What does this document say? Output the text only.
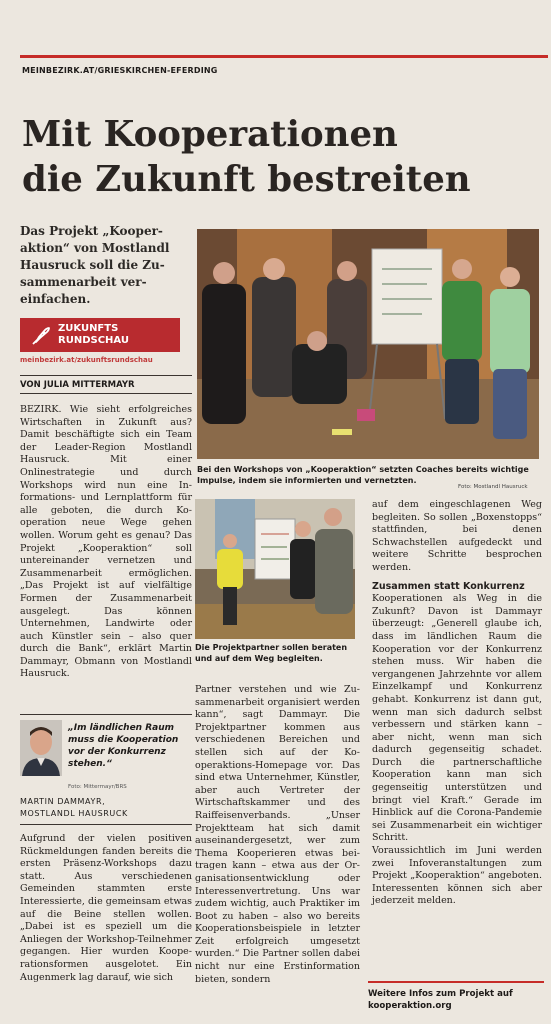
MEINBEZIRK.AT/GRIESKIRCHEN-EFERDING
Mit Kooperationen
die Zukunft bestreiten
Das Projekt „Kooperaktion“ von Mostlandl Hausruck soll die Zusammenarbeit vereinfachen.
ZUKUNFTS
RUNDSCHAU
meinbezirk.at/zukunftsrundschau
VON JULIA MITTERMAYR

BEZIRK. Wie sieht erfolgreiches Wirtschaften in Zukunft aus? Damit beschäftigte sich ein Team der Leader-Region Mostlandl Hausruck. Mit einer Onlinestrategie und durch Workshops wird nun eine Informations- und Lernplattform für alle geboten, die durch Kooperation neue Wege gehen wollen. Worum geht es genau? Das Projekt „Kooperaktion“ soll untereinander vernetzen und Zusammenarbeit ermöglichen. „Das Projekt ist auf vielfältige Formen der Zusammenarbeit ausgelegt. Das können Unternehmen, Landwirte oder auch Künstler sein – also quer durch die Bank“, erklärt Martin Dammayr, Obmann von Mostlandl Hausruck.

„Im ländlichen Raum muss die Kooperation vor der Konkurrenz stehen.“
Foto: Mittermayr/BRS
MARTIN DAMMAYR,
MOSTLANDL HAUSRUCK

Aufgrund der vielen positiven Rückmeldungen fanden bereits die ersten Präsenz-Workshops dazu statt. Aus verschiedenen Gemeinden stammten erste Interessierte, die gemeinsam etwas auf die Beine stellen wollen. „Dabei ist es speziell um die Anliegen der Workshop-Teilnehmer gegangen. Hier wurden Kooperationsformen ausgelotet. Ein Augenmerk lag darauf, wie sich

Bei den Workshops von „Kooperaktion“ setzten Coaches bereits wichtige Impulse, indem sie informierten und vernetzten.
Foto: Mostlandl Hausruck
Die Projektpartner sollen beraten und auf dem Weg begleiten.

Partner verstehen und wie Zusammenarbeit organisiert werden kann“, sagt Dammayr. Die Projektpartner kommen aus verschiedenen Bereichen und stellen sich auf der Kooperaktions-Homepage vor. Das sind etwa Unternehmer, Künstler, aber auch Vertreter der Wirtschaftskammer und des Raiffeisenverbands. „Unser Projektteam hat sich damit auseinandergesetzt, wer zum Thema Kooperieren etwas beitragen kann – etwa aus der Organisationsentwicklung oder Interessenvertretung. Uns war zudem wichtig, auch Praktiker im Boot zu haben – also wo bereits Kooperationsbeispiele in letzter Zeit erfolgreich umgesetzt wurden.“ Die Partner sollen dabei nicht nur eine Erstinformation bieten, sondern

auf dem eingeschlagenen Weg begleiten. So sollen „Boxenstopps“ stattfinden, bei denen Schwachstellen aufgedeckt und weitere Schritte besprochen werden.

Zusammen statt Konkurrenz

Kooperationen als Weg in die Zukunft? Davon ist Dammayr überzeugt: „Generell glaube ich, dass im ländlichen Raum die Kooperation vor der Konkurrenz stehen muss. Wir haben die vergangenen Jahrzehnte vor allem Einzelkampf und Konkurrenz gehabt. Konkurrenz ist dann gut, wenn man sich dadurch selbst verbessern und stärken kann – aber nicht, wenn man sich dadurch gegenseitig schadet. Durch die partnerschaftliche Kooperation kann man sich gegenseitig unterstützen und bringt viel Kraft.“ Gerade im Hinblick auf die Corona-Pandemie sei Zusammenarbeit ein wichtiger Schritt.

Voraussichtlich im Juni werden zwei Infoveranstaltungen zum Projekt „Kooperaktion“ angeboten. Interessenten können sich aber jederzeit melden.

Weitere Infos zum Projekt auf kooperaktion.org
